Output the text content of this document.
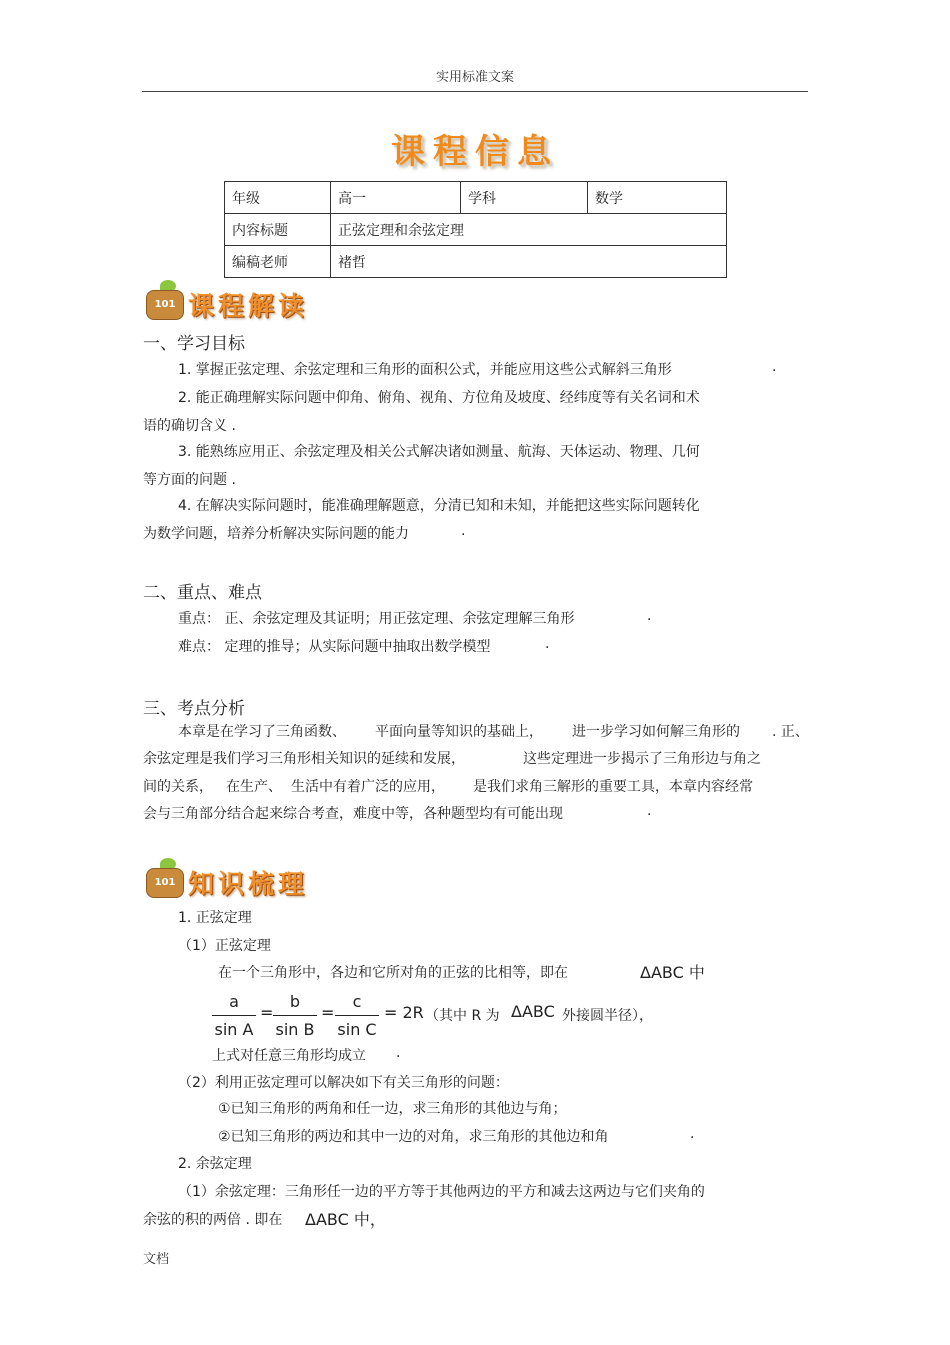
实用标准文案
课程信息
年级	高一	学科	数学
内容标题	正弦定理和余弦定理		
编稿老师	褚哲		
101 课程解读
一、学习目标
1. 掌握正弦定理、余弦定理和三角形的面积公式，并能应用这些公式解斜三角形	.
2. 能正确理解实际问题中仰角、俯角、视角、方位角及坡度、经纬度等有关名词和术
语的确切含义 .
3. 能熟练应用正、余弦定理及相关公式解决诸如测量、航海、天体运动、物理、几何
等方面的问题 .
4. 在解决实际问题时，能准确理解题意，分清已知和未知，并能把这些实际问题转化
为数学问题，培养分析解决实际问题的能力	.
二、重点、难点
重点： 正、余弦定理及其证明；用正弦定理、余弦定理解三角形	.
难点： 定理的推导；从实际问题中抽取出数学模型	.
三、考点分析
本章是在学习了三角函数、 平面向量等知识的基础上， 进一步学习如何解三角形的 . 正、
余弦定理是我们学习三角形相关知识的延续和发展，	这些定理进一步揭示了三角形边与角之
间的关系， 在生产、 生活中有着广泛的应用， 是我们求角三解形的重要工具，本章内容经常
会与三角部分结合起来综合考查，难度中等，各种题型均有可能出现	.
101 知识梳理
1. 正弦定理
（1）正弦定理
在一个三角形中，各边和它所对角的正弦的比相等，即在	ΔABC 中
a
sin A
=
b
sin B
=
c
sin C
= 2R （其中 R 为 ΔABC 外接圆半径），
上式对任意三角形均成立 .
（2）利用正弦定理可以解决如下有关三角形的问题：
①已知三角形的两角和任一边，求三角形的其他边与角；
②已知三角形的两边和其中一边的对角，求三角形的其他边和角	.
2. 余弦定理
（1）余弦定理：三角形任一边的平方等于其他两边的平方和减去这两边与它们夹角的
余弦的积的两倍 . 即在 ΔABC 中，
文档
